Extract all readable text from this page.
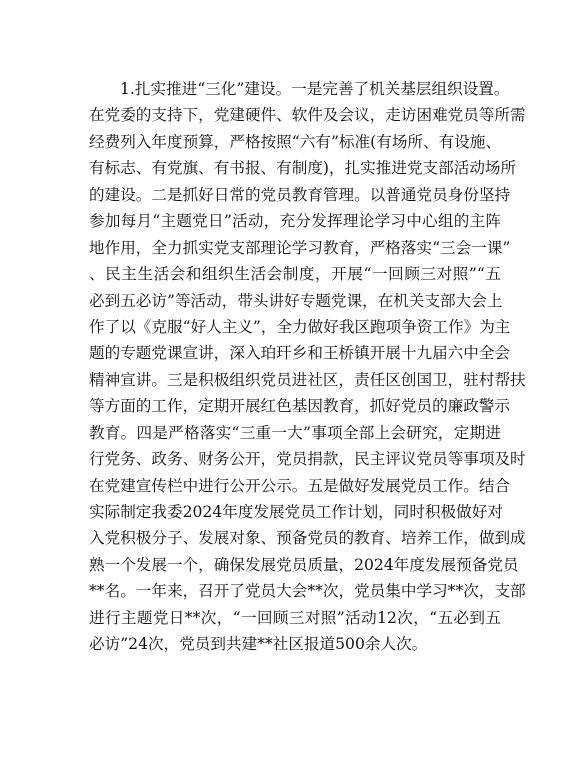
1.扎实推进“三化”建设。一是完善了机关基层组织设置。
在党委的支持下，党建硬件、软件及会议，走访困难党员等所需
经费列入年度预算，严格按照“六有”标准(有场所、有设施、
有标志、有党旗、有书报、有制度)，扎实推进党支部活动场所
的建设。二是抓好日常的党员教育管理。以普通党员身份坚持
参加每月“主题党日”活动，充分发挥理论学习中心组的主阵
地作用，全力抓实党支部理论学习教育，严格落实“三会一课”
、民主生活会和组织生活会制度，开展“一回顾三对照”“五
必到五必访”等活动，带头讲好专题党课，在机关支部大会上
作了以《克服“好人主义”，全力做好我区跑项争资工作》为主
题的专题党课宣讲，深入珀玕乡和王桥镇开展十九届六中全会
精神宣讲。三是积极组织党员进社区，责任区创国卫，驻村帮扶
等方面的工作，定期开展红色基因教育，抓好党员的廉政警示
教育。四是严格落实“三重一大”事项全部上会研究，定期进
行党务、政务、财务公开，党员捐款，民主评议党员等事项及时
在党建宣传栏中进行公开公示。五是做好发展党员工作。结合
实际制定我委2024年度发展党员工作计划，同时积极做好对
入党积极分子、发展对象、预备党员的教育、培养工作，做到成
熟一个发展一个，确保发展党员质量，2024年度发展预备党员
**名。一年来，召开了党员大会**次，党员集中学习**次，支部
进行主题党日**次，“一回顾三对照”活动12次，“五必到五
必访”24次，党员到共建**社区报道500余人次。
